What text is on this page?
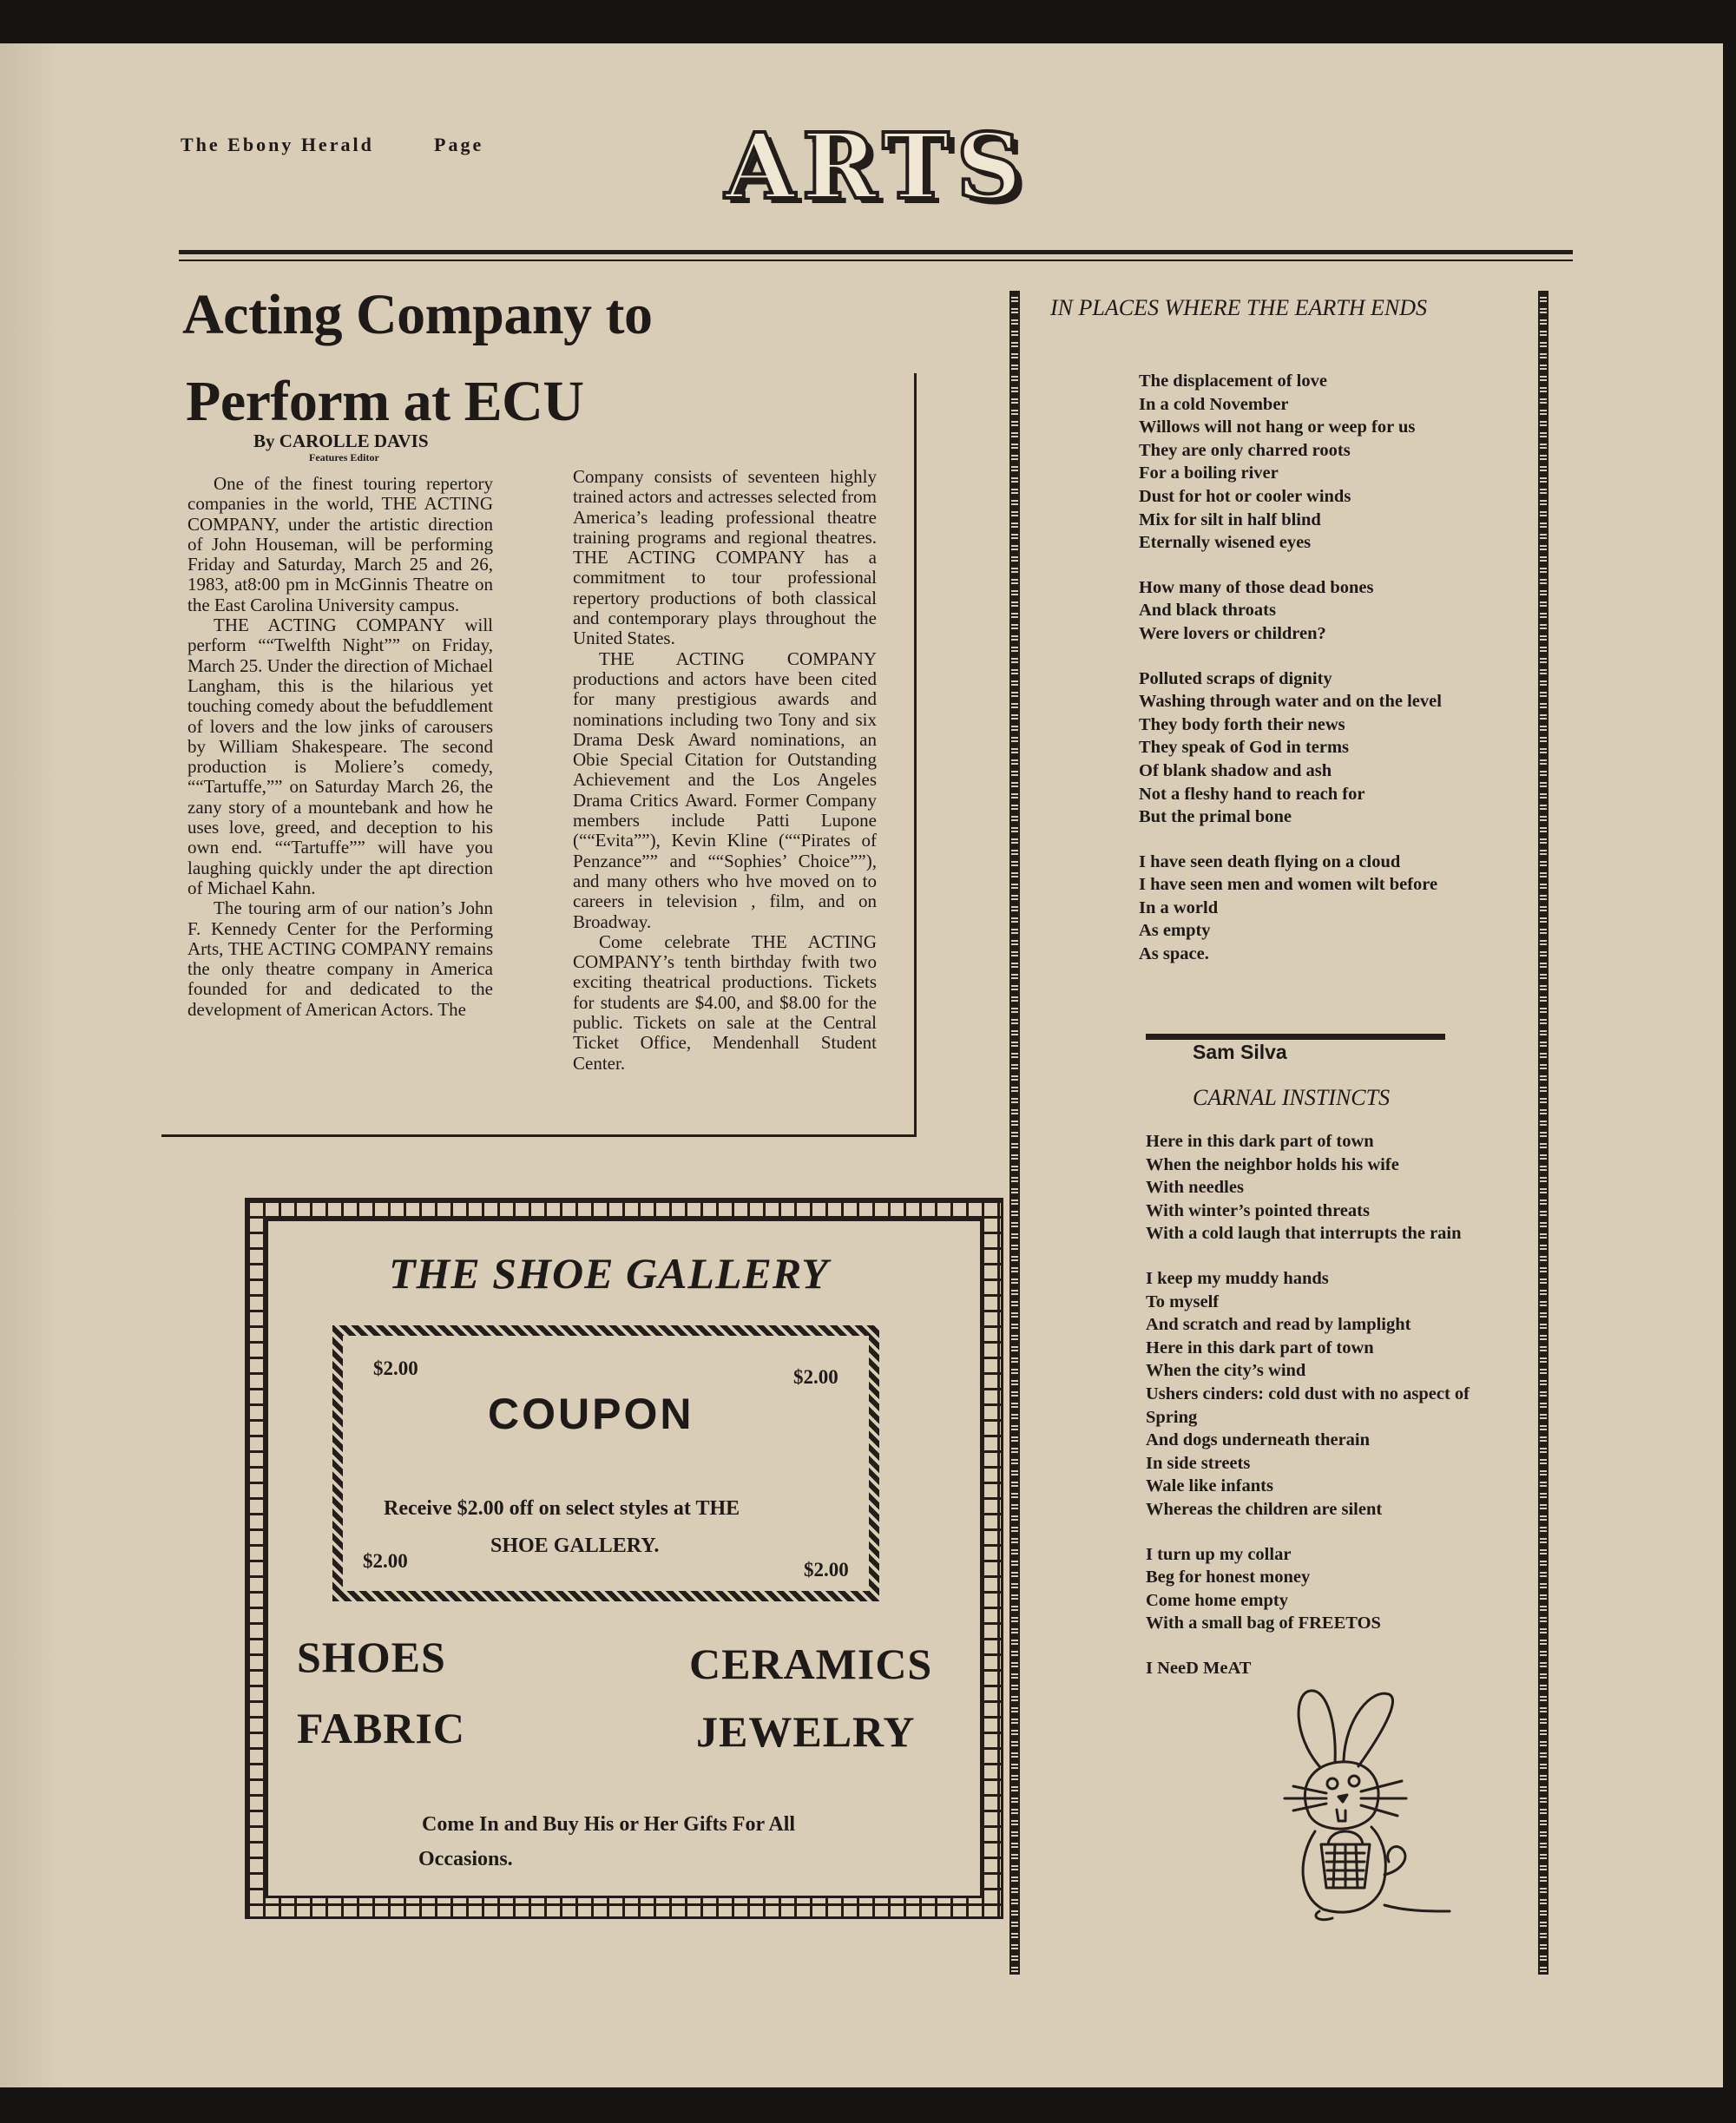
The Ebony Herald	Page	ARTS
Acting Company to
Perform at ECU
By CAROLLE DAVIS
Features Editor

One of the finest touring repertory companies in the world, THE ACTING COMPANY, under the artistic direction of John Houseman, will be performing Friday and Saturday, March 25 and 26, 1983, at8:00 pm in McGinnis Theatre on the East Carolina University campus.

THE ACTING COMPANY will perform ““Twelfth Night”” on Friday, March 25. Under the direction of Michael Langham, this is the hilarious yet touching comedy about the befuddlement of lovers and the low jinks of carousers by William Shakespeare. The second production is Moliere’s comedy, ““Tartuffe,”” on Saturday March 26, the zany story of a mountebank and how he uses love, greed, and deception to his own end. ““Tartuffe”” will have you laughing quickly under the apt direction of Michael Kahn.

The touring arm of our nation’s John F. Kennedy Center for the Performing Arts, THE ACTING COMPANY remains the only theatre company in America founded for and dedicated to the development of American Actors. The

Company consists of seventeen highly trained actors and actresses selected from America’s leading professional theatre training programs and regional theatres. THE ACTING COMPANY has a commitment to tour professional repertory productions of both classical and contemporary plays throughout the United States.

THE ACTING COMPANY productions and actors have been cited for many prestigious awards and nominations including two Tony and six Drama Desk Award nominations, an Obie Special Citation for Outstanding Achievement and the Los Angeles Drama Critics Award. Former Company members include Patti Lupone (““Evita””), Kevin Kline (““Pirates of Penzance”” and ““Sophies’ Choice””), and many others who hve moved on to careers in television , film, and on Broadway.

Come celebrate THE ACTING COMPANY’s tenth birthday fwith two exciting theatrical productions. Tickets for students are $4.00, and $8.00 for the public. Tickets on sale at the Central Ticket Office, Mendenhall Student Center.

IN PLACES WHERE THE EARTH ENDS
The displacement of love
In a cold November
Willows will not hang or weep for us
They are only charred roots
For a boiling river
Dust for hot or cooler winds
Mix for silt in half blind
Eternally wisened eyes
How many of those dead bones
And black throats
Were lovers or children?
Polluted scraps of dignity
Washing through water and on the level
They body forth their news
They speak of God in terms
Of blank shadow and ash
Not a fleshy hand to reach for
But the primal bone
I have seen death flying on a cloud
I have seen men and women wilt before
In a world
As empty
As space.
Sam Silva
CARNAL INSTINCTS
Here in this dark part of town
When the neighbor holds his wife
With needles
With winter’s pointed threats
With a cold laugh that interrupts the rain
I keep my muddy hands
To myself
And scratch and read by lamplight
Here in this dark part of town
When the city’s wind
Ushers cinders: cold dust with no aspect of
Spring
And dogs underneath therain
In side streets
Wale like infants
Whereas the children are silent
I turn up my collar
Beg for honest money
Come home empty
With a small bag of FREETOS
I NeeD MeAT
THE SHOE GALLERY
$2.00	$2.00
COUPON
Receive $2.00 off on select styles at THE
SHOE GALLERY.
$2.00	$2.00
SHOES
FABRIC
CERAMICS
JEWELRY
Come In and Buy His or Her Gifts For All
Occasions.
